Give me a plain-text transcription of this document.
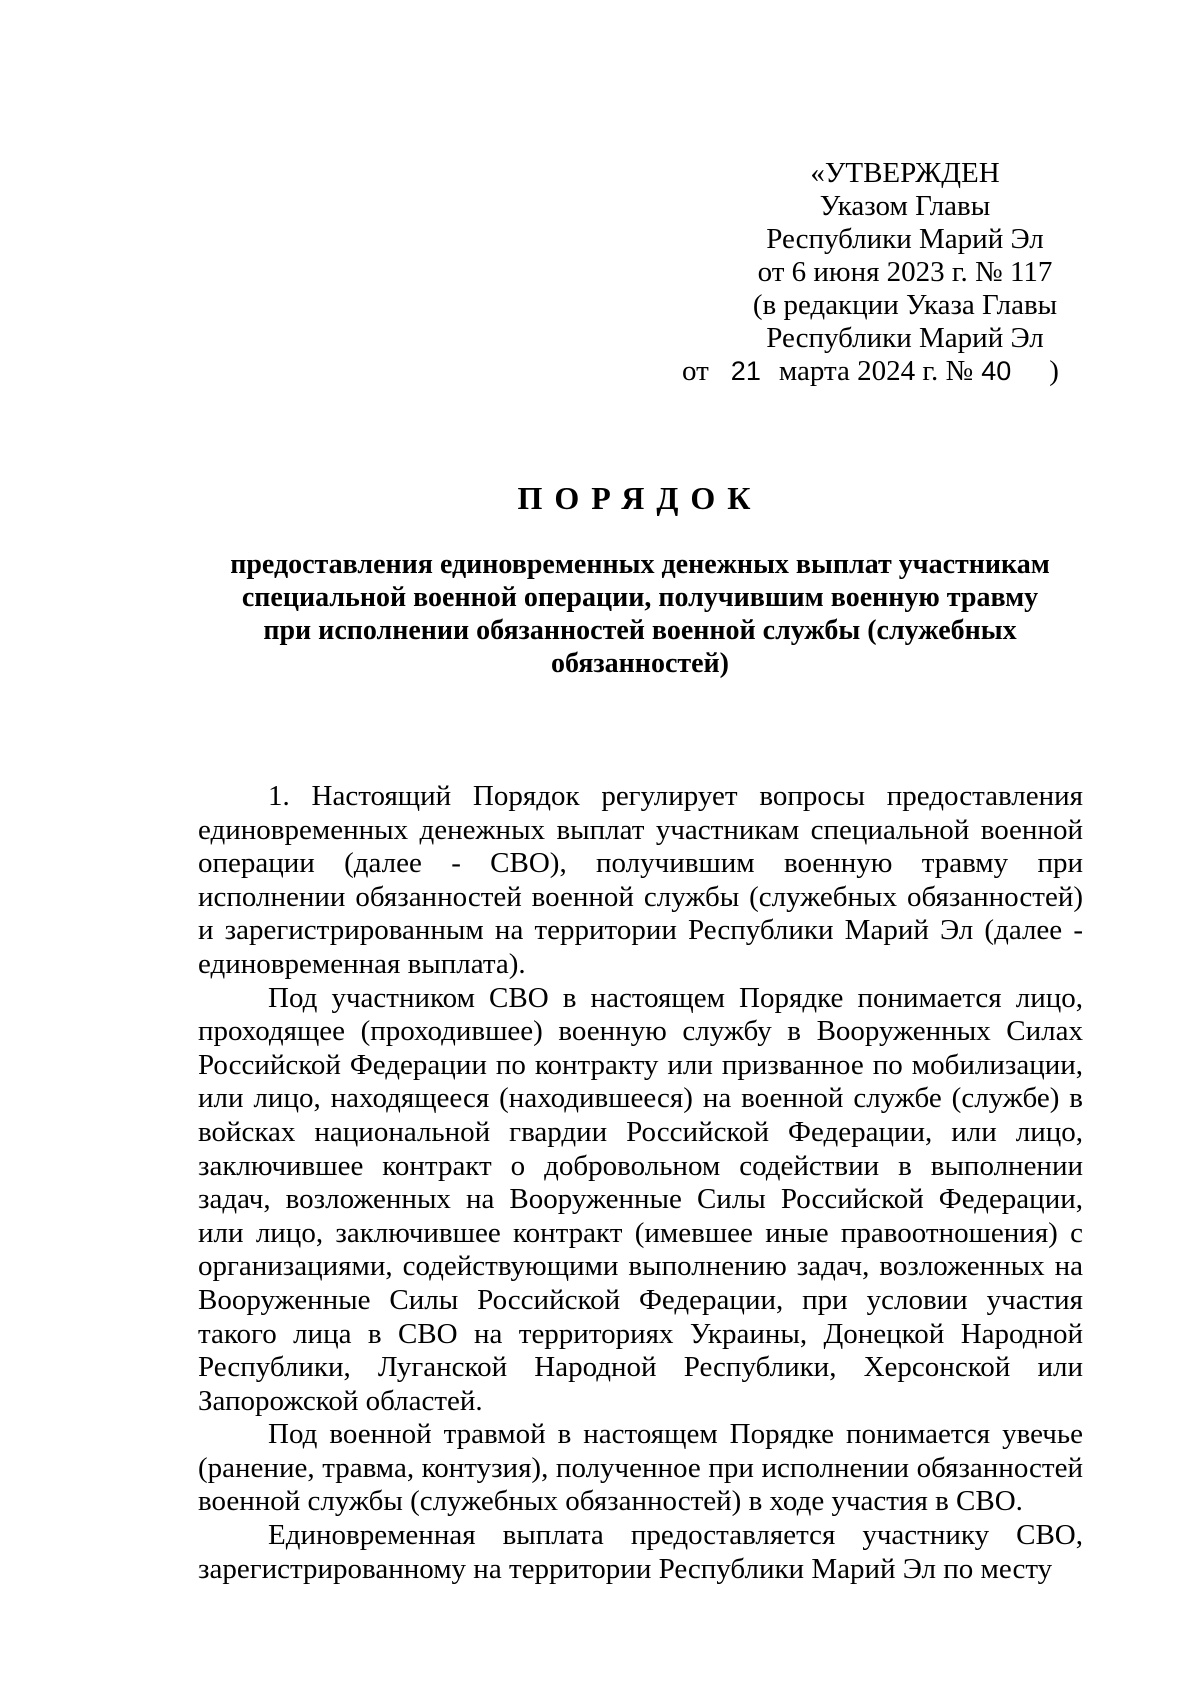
«УТВЕРЖДЕН
Указом Главы
Республики Марий Эл
от 6 июня 2023 г. № 117
(в редакции Указа Главы
Республики Марий Эл
от 21 марта 2024 г. № 40 )
ПОРЯДОК
предоставления единовременных денежных выплат участникам
специальной военной операции, получившим военную травму
при исполнении обязанностей военной службы (служебных
обязанностей)

1. Настоящий Порядок регулирует вопросы предоставления единовременных денежных выплат участникам специальной военной операции (далее - СВО), получившим военную травму при исполнении обязанностей военной службы (служебных обязанностей) и зарегистрированным на территории Республики Марий Эл (далее - единовременная выплата).

Под участником СВО в настоящем Порядке понимается лицо, проходящее (проходившее) военную службу в Вооруженных Силах Российской Федерации по контракту или призванное по мобилизации, или лицо, находящееся (находившееся) на военной службе (службе) в войсках национальной гвардии Российской Федерации, или лицо, заключившее контракт о добровольном содействии в выполнении задач, возложенных на Вооруженные Силы Российской Федерации, или лицо, заключившее контракт (имевшее иные правоотношения) с организациями, содействующими выполнению задач, возложенных на Вооруженные Силы Российской Федерации, при условии участия такого лица в СВО на территориях Украины, Донецкой Народной Республики, Луганской Народной Республики, Херсонской или Запорожской областей.

Под военной травмой в настоящем Порядке понимается увечье (ранение, травма, контузия), полученное при исполнении обязанностей военной службы (служебных обязанностей) в ходе участия в СВО.

Единовременная выплата предоставляется участнику СВО, зарегистрированному на территории Республики Марий Эл по месту
